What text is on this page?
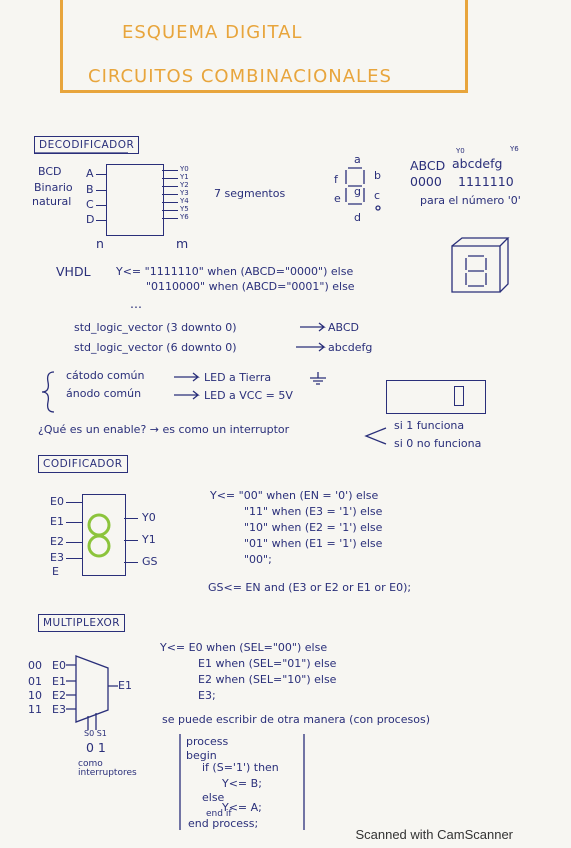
ESQUEMA DIGITAL
CIRCUITOS COMBINACIONALES
DECODIFICADOR
BCD
Binario
natural
A
B
C
D
Y0
Y1
Y2
Y3
Y4
Y5
Y6
n	m
7 segmentos
a
b
c
d
e
f
g
ABCD abcdefg
Y0	Y6
0000 1111110
para el número '0'
VHDL Y<= "1111110" when (ABCD="0000") else
"0110000" when (ABCD="0001") else
...
std_logic_vector (3 downto 0)	ABCD
std_logic_vector (6 downto 0)	abcdefg
cátodo común	LED a Tierra
ánodo común	LED a VCC = 5V
¿Qué es un enable? → es como un interruptor	si 1 funciona
si 0 no funciona
CODIFICADOR
E0
E1
E2
E3
E
Y0
Y1
GS
Y<= "00" when (EN = '0') else
"11" when (E3 = '1') else
"10" when (E2 = '1') else
"01" when (E1 = '1') else
"00";
GS<= EN and (E3 or E2 or E1 or E0);
MULTIPLEXOR
00
01
10
11
E0
E1
E2
E3
E1
S0 S1
0 1
como interruptores
Y<= E0 when (SEL="00") else
E1 when (SEL="01") else
E2 when (SEL="10") else
E3;
se puede escribir de otra manera (con procesos)
process
begin
if (S='1') then
Y<= B;
else
Y<= A;
end if
end process;
Scanned with CamScanner
